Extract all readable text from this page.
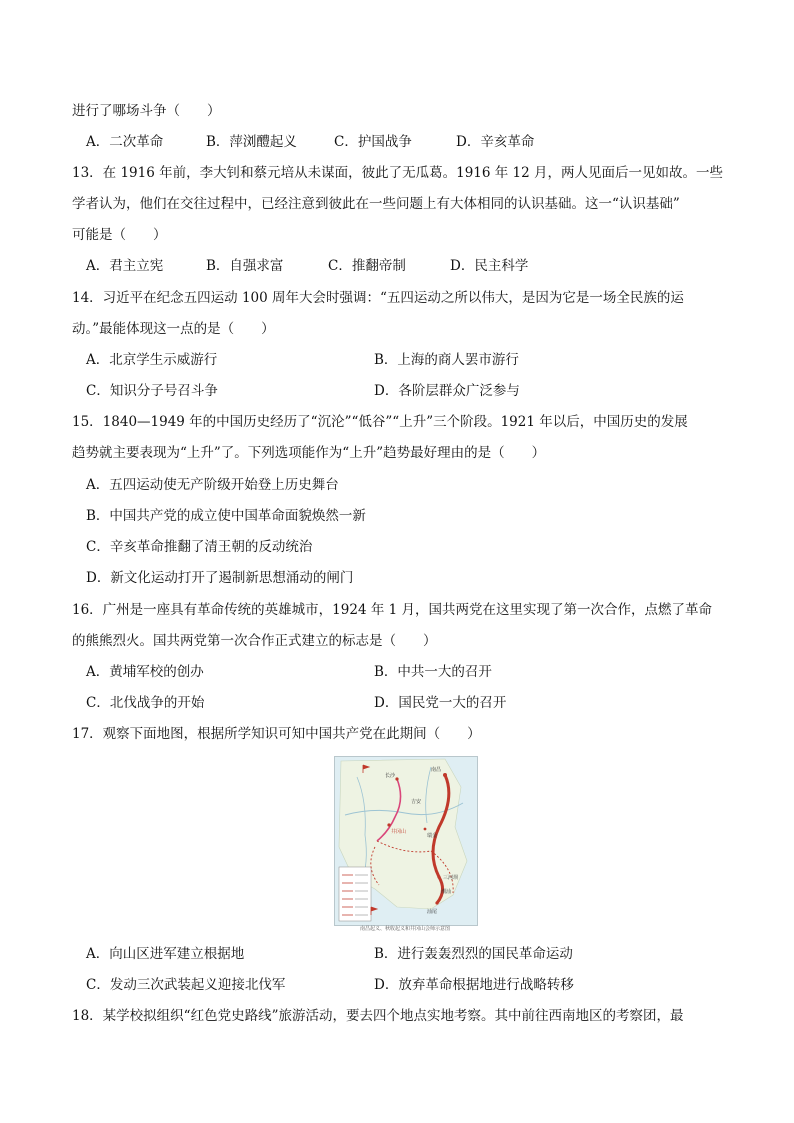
进行了哪场斗争（　　）
A．二次革命	B．萍浏醴起义	C．护国战争	D．辛亥革命
13．在 1916 年前，李大钊和蔡元培从未谋面，彼此了无瓜葛。1916 年 12 月，两人见面后一见如故。一些
学者认为，他们在交往过程中，已经注意到彼此在一些问题上有大体相同的认识基础。这一“认识基础”
可能是（　　）
A．君主立宪	B．自强求富	C．推翻帝制	D．民主科学
14．习近平在纪念五四运动 100 周年大会时强调：“五四运动之所以伟大，是因为它是一场全民族的运
动。”最能体现这一点的是（　　）
A．北京学生示威游行	B．上海的商人罢市游行
C．知识分子号召斗争	D．各阶层群众广泛参与
15．1840—1949 年的中国历史经历了“沉沦”“低谷”“上升”三个阶段。1921 年以后，中国历史的发展
趋势就主要表现为“上升”了。下列选项能作为“上升”趋势最好理由的是（　　）
A．五四运动使无产阶级开始登上历史舞台
B．中国共产党的成立使中国革命面貌焕然一新
C．辛亥革命推翻了清王朝的反动统治
D．新文化运动打开了遏制新思想涌动的闸门
16．广州是一座具有革命传统的英雄城市，1924 年 1 月，国共两党在这里实现了第一次合作，点燃了革命
的熊熊烈火。国共两党第一次合作正式建立的标志是（　　）
A．黄埔军校的创办	B．中共一大的召开
C．北伐战争的开始	D．国民党一大的召开
17．观察下面地图，根据所学知识可知中国共产党在此期间（　　）
南昌
长沙
井冈山
三河坝
潮汕
汕尾
瑞金
吉安
南昌起义、秋收起义和井冈山会师示意图
A．向山区进军建立根据地	B．进行轰轰烈烈的国民革命运动
C．发动三次武装起义迎接北伐军	D．放弃革命根据地进行战略转移
18．某学校拟组织“红色党史路线”旅游活动，要去四个地点实地考察。其中前往西南地区的考察团，最
